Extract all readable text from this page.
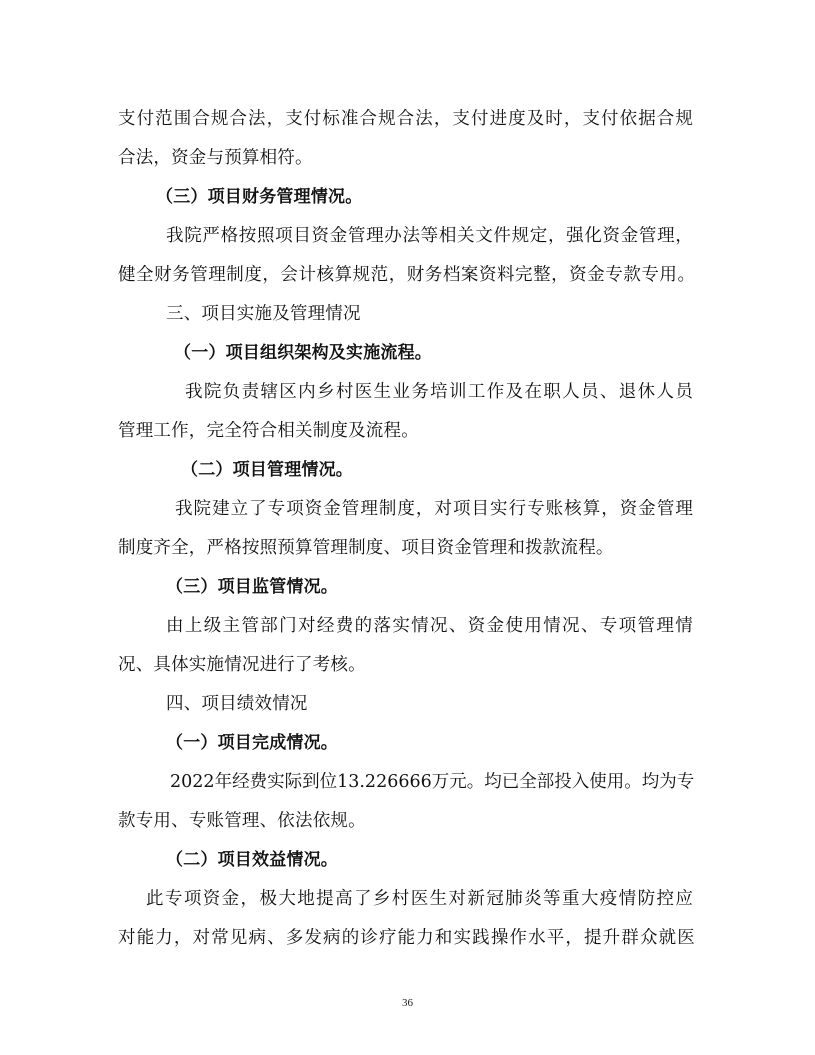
支 付 范 围 合 规 合 法 ， 支 付 标 准 合 规 合 法 ， 支 付 进 度 及 时 ， 支 付 依 据 合 规
合法，资金与预算相符。
（三）项目财务管理情况。
我 院 严 格 按 照 项 目 资 金 管 理 办 法 等 相 关 文 件 规 定 ， 强 化 资 金 管 理 ，
健 全 财 务 管 理 制 度 ， 会 计 核 算 规 范 ， 财 务 档 案 资 料 完 整 ， 资 金 专 款 专 用 。
三、项目实施及管理情况
（一）项目组织架构及实施流程。
我 院 负 责 辖 区 内 乡 村 医 生 业 务 培 训 工 作 及 在 职 人 员 、 退 休 人 员
管理工作，完全符合相关制度及流程。
（二）项目管理情况。
我 院 建 立 了 专 项 资 金 管 理 制 度 ， 对 项 目 实 行 专 账 核 算 ， 资 金 管 理
制度齐全，严格按照预算管理制度、项目资金管理和拨款流程。
（三）项目监管情况。
由 上 级 主 管 部 门 对 经 费 的 落 实 情 况 、 资 金 使 用 情 况 、 专 项 管 理 情
况、具体实施情况进行了考核。
四、项目绩效情况
（一）项目完成情况。
2 0 2 2 年 经 费 实 际 到 位 1 3 . 2 2 6 6 6 6 万 元 。 均 已 全 部 投 入 使 用 。 均 为 专
款专用、专账管理、依法依规。
（二）项目效益情况。
此 专 项 资 金 ， 极 大 地 提 高 了 乡 村 医 生 对 新 冠 肺 炎 等 重 大 疫 情 防 控 应
对 能 力 ， 对 常 见 病 、 多 发 病 的 诊 疗 能 力 和 实 践 操 作 水 平 ， 提 升 群 众 就 医
36
